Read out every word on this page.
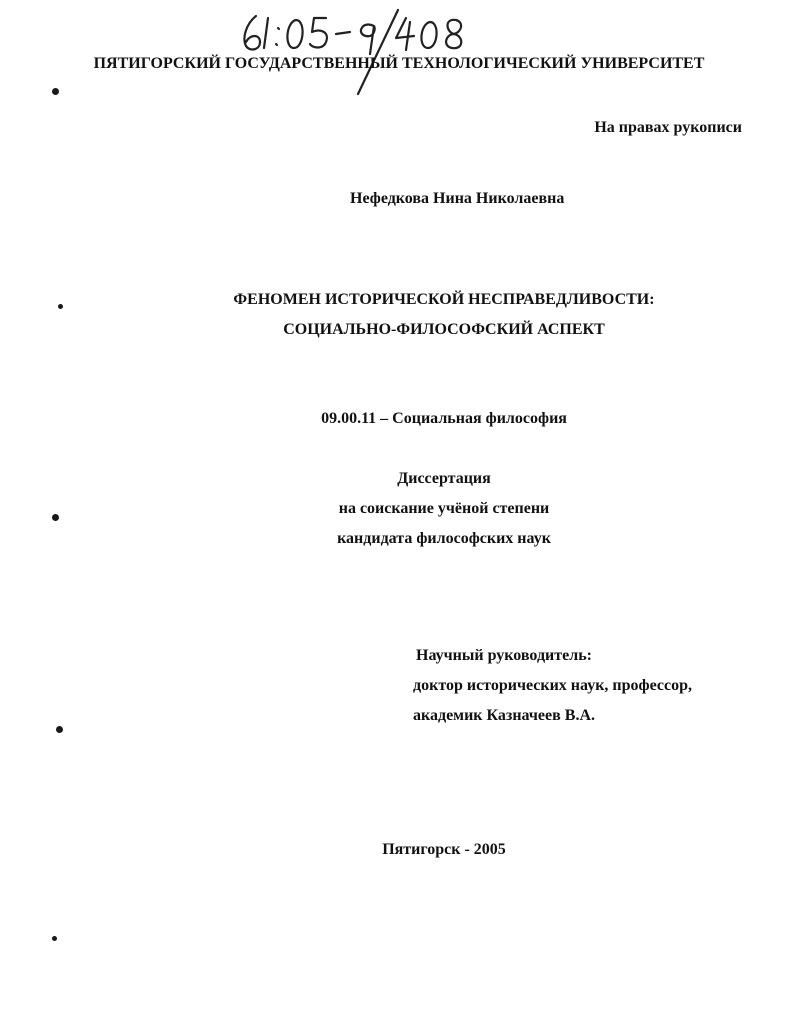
ПЯТИГОРСКИЙ ГОСУДАРСТВЕННЫЙ ТЕХНОЛОГИЧЕСКИЙ УНИВЕРСИТЕТ
На правах рукописи
Нефедкова Нина Николаевна
ФЕНОМЕН ИСТОРИЧЕСКОЙ НЕСПРАВЕДЛИВОСТИ:
СОЦИАЛЬНО-ФИЛОСОФСКИЙ АСПЕКТ
09.00.11 – Социальная философия
Диссертация
на соискание учёной степени
кандидата философских наук
Научный руководитель:
доктор исторических наук, профессор,
академик Казначеев В.А.
Пятигорск - 2005
